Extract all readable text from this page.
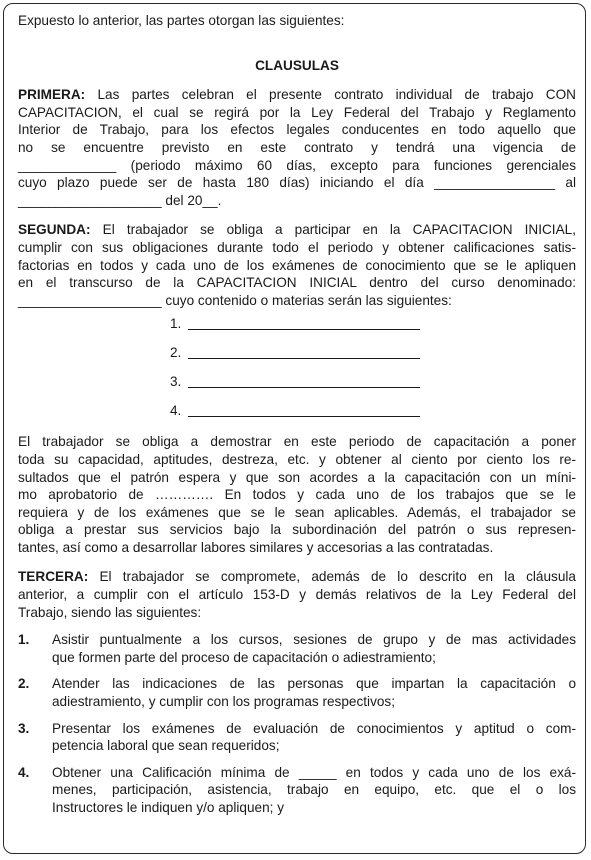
Expuesto lo anterior, las partes otorgan las siguientes:

CLAUSULAS

PRIMERA: Las partes celebran el presente contrato individual de trabajo CON

CAPACITACION, el cual se regirá por la Ley Federal del Trabajo y Reglamento

Interior de Trabajo, para los efectos legales conducentes en todo aquello que

no se encuentre previsto en este contrato y tendrá una vigencia de

_____________ (periodo máximo 60 días, excepto para funciones gerenciales

cuyo plazo puede ser de hasta 180 días) iniciando el día ________________ al

___________________ del 20__.

SEGUNDA: El trabajador se obliga a participar en la CAPACITACION INICIAL,

cumplir con sus obligaciones durante todo el periodo y obtener calificaciones satis-

factorias en todos y cada uno de los exámenes de conocimiento que se le apliquen

en el transcurso de la CAPACITACION INICIAL dentro del curso denominado:

___________________ cuyo contenido o materias serán las siguientes:

1.
2.
3.
4.

El trabajador se obliga a demostrar en este periodo de capacitación a poner

toda su capacidad, aptitudes, destreza, etc. y obtener al ciento por ciento los re-

sultados que el patrón espera y que son acordes a la capacitación con un míni-

mo aprobatorio de …………. En todos y cada uno de los trabajos que se le

requiera y de los exámenes que se le sean aplicables. Además, el trabajador se

obliga a prestar sus servicios bajo la subordinación del patrón o sus represen-

tantes, así como a desarrollar labores similares y accesorias a las contratadas.

TERCERA: El trabajador se compromete, además de lo descrito en la cláusula

anterior, a cumplir con el artículo 153-D y demás relativos de la Ley Federal del

Trabajo, siendo las siguientes:

1.	Asistir puntualmente a los cursos, sesiones de grupo y de mas actividades

que formen parte del proceso de capacitación o adiestramiento;

2.	Atender las indicaciones de las personas que impartan la capacitación o

adiestramiento, y cumplir con los programas respectivos;

3.	Presentar los exámenes de evaluación de conocimientos y aptitud o com-

petencia laboral que sean requeridos;

4.	Obtener una Calificación mínima de _____ en todos y cada uno de los exá-

menes, participación, asistencia, trabajo en equipo, etc. que el o los

Instructores le indiquen y/o apliquen; y
